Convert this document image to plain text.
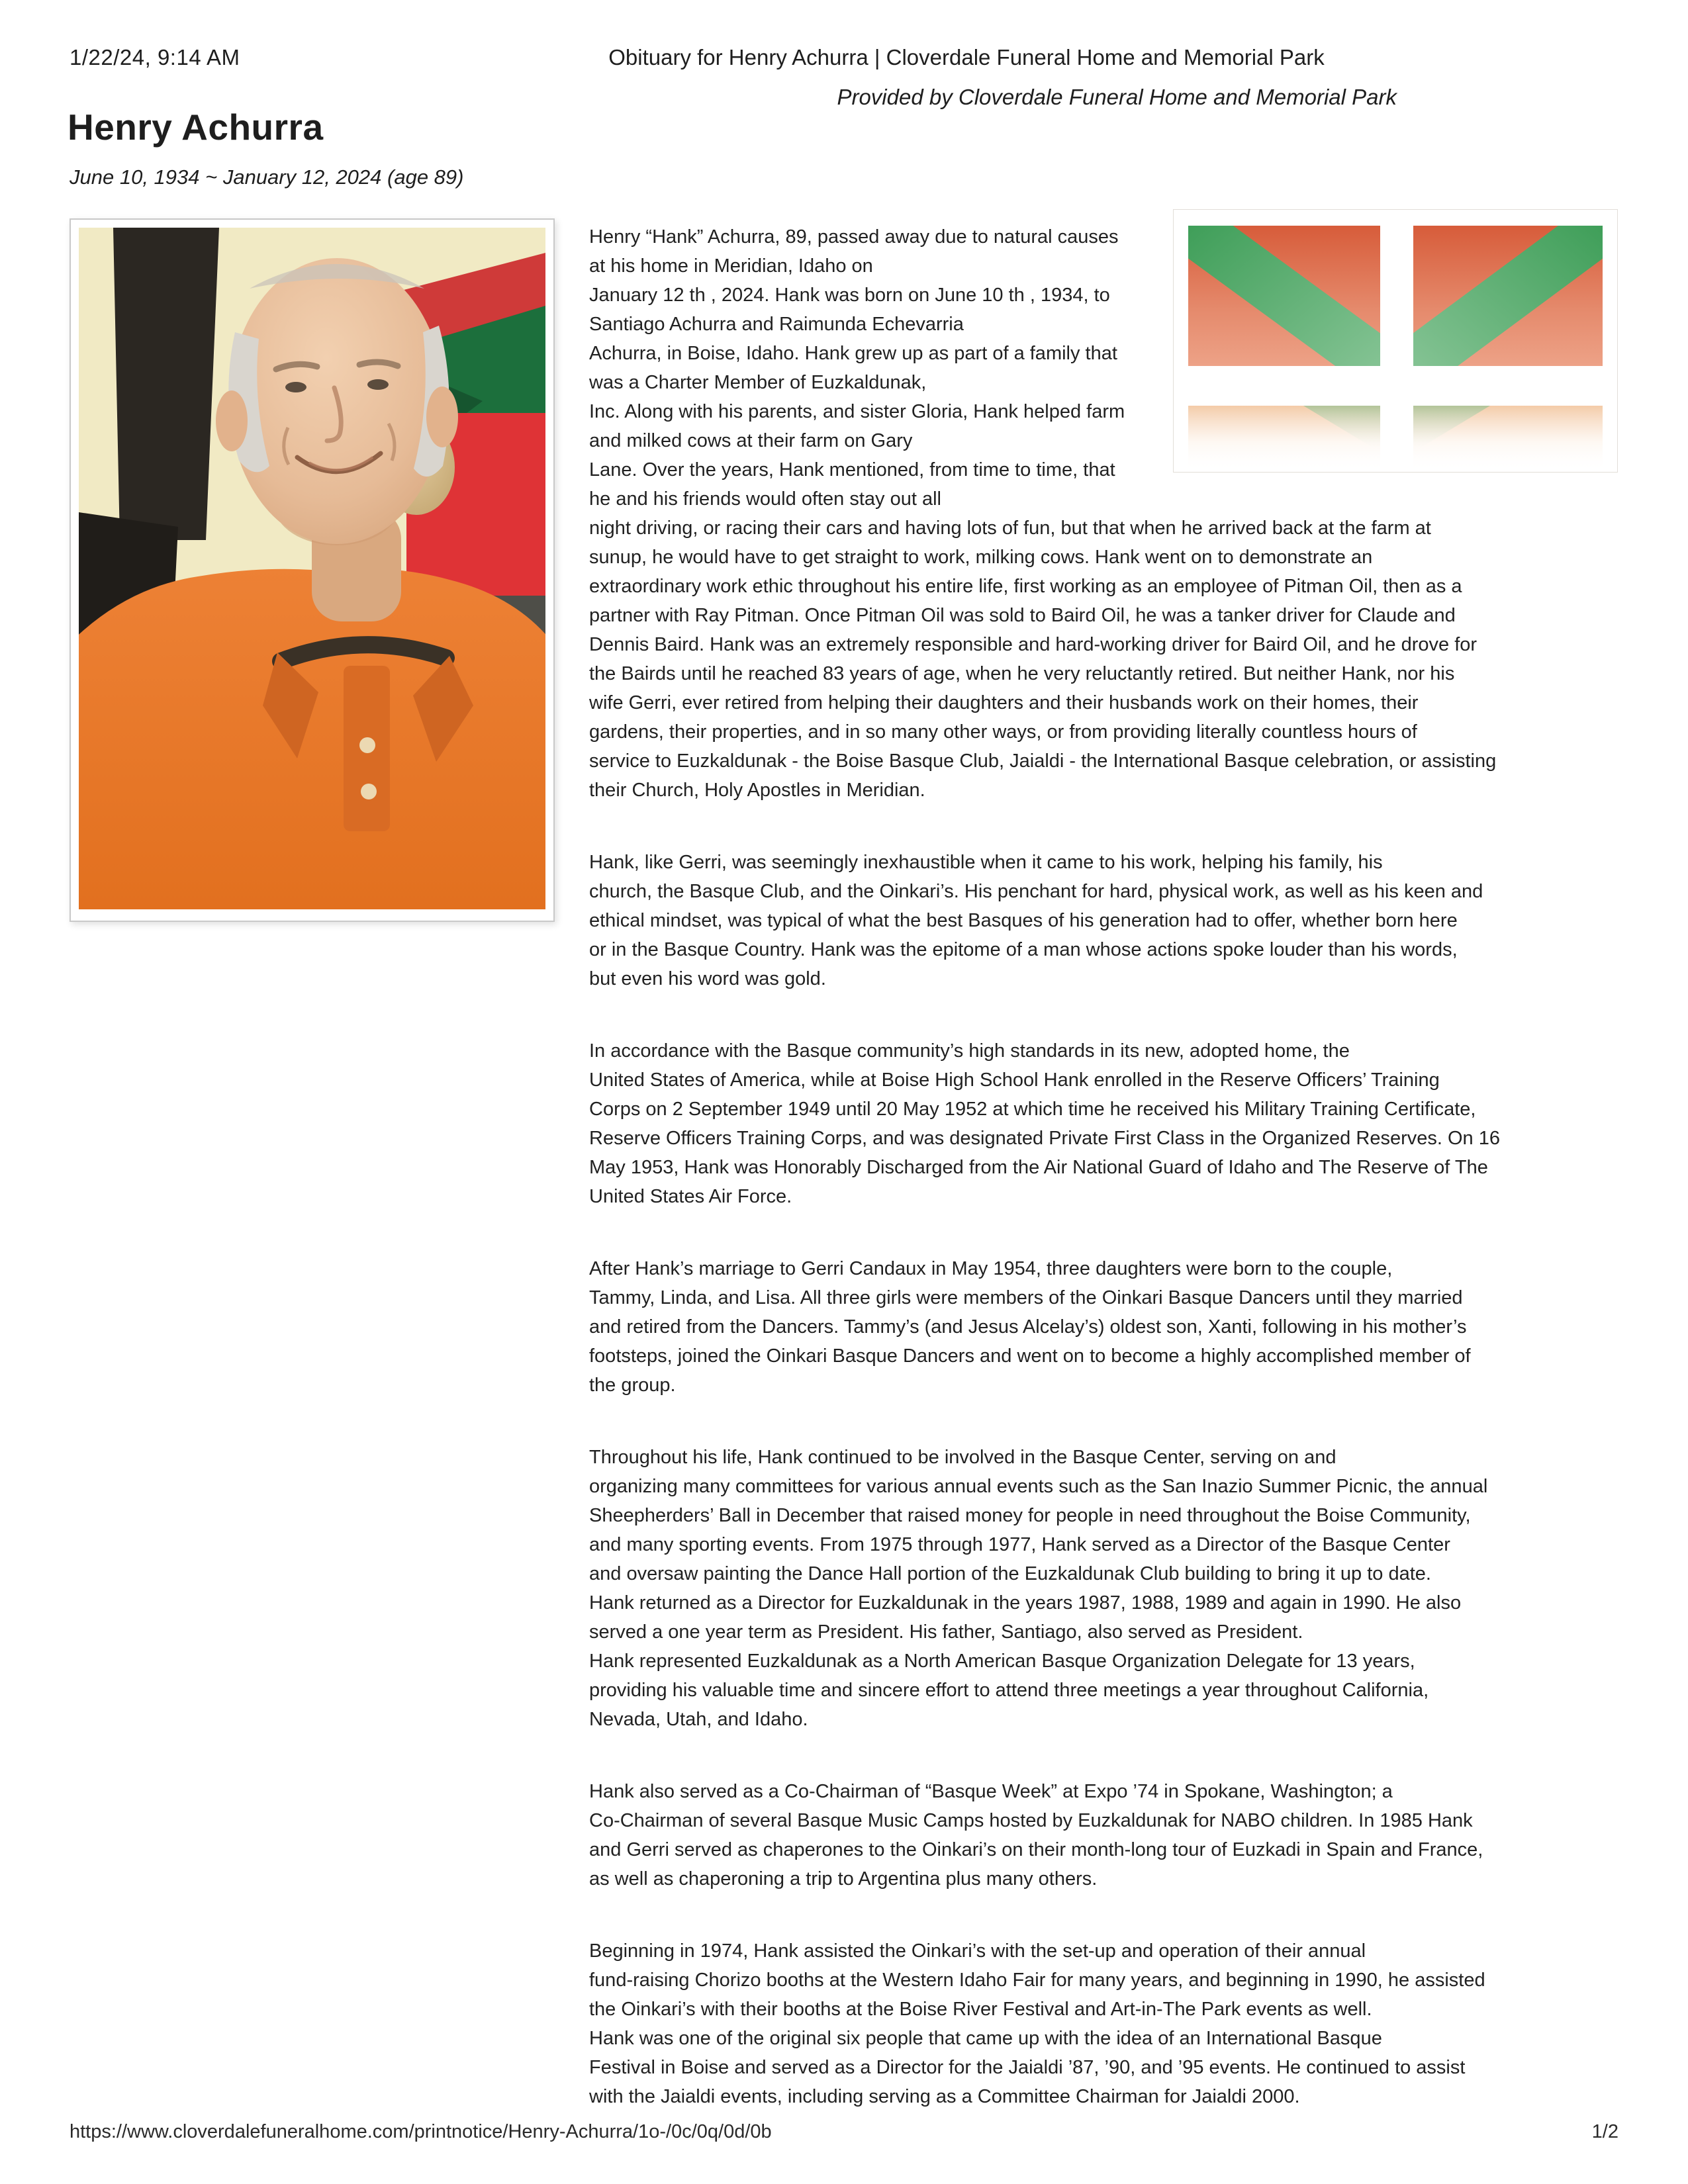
1/22/24, 9:14 AM	Obituary for Henry Achurra | Cloverdale Funeral Home and Memorial Park
Provided by Cloverdale Funeral Home and Memorial Park
Henry Achurra
June 10, 1934 ~ January 12, 2024 (age 89)
Henry “Hank” Achurra, 89, passed away due to natural causes
at his home in Meridian, Idaho on
January 12 th , 2024. Hank was born on June 10 th , 1934, to
Santiago Achurra and Raimunda Echevarria
Achurra, in Boise, Idaho. Hank grew up as part of a family that
was a Charter Member of Euzkaldunak,
Inc. Along with his parents, and sister Gloria, Hank helped farm
and milked cows at their farm on Gary
Lane. Over the years, Hank mentioned, from time to time, that
he and his friends would often stay out all
night driving, or racing their cars and having lots of fun, but that when he arrived back at the farm at
sunup, he would have to get straight to work, milking cows. Hank went on to demonstrate an
extraordinary work ethic throughout his entire life, first working as an employee of Pitman Oil, then as a
partner with Ray Pitman. Once Pitman Oil was sold to Baird Oil, he was a tanker driver for Claude and
Dennis Baird. Hank was an extremely responsible and hard-working driver for Baird Oil, and he drove for
the Bairds until he reached 83 years of age, when he very reluctantly retired. But neither Hank, nor his
wife Gerri, ever retired from helping their daughters and their husbands work on their homes, their
gardens, their properties, and in so many other ways, or from providing literally countless hours of
service to Euzkaldunak - the Boise Basque Club, Jaialdi - the International Basque celebration, or assisting
their Church, Holy Apostles in Meridian.
Hank, like Gerri, was seemingly inexhaustible when it came to his work, helping his family, his
church, the Basque Club, and the Oinkari’s. His penchant for hard, physical work, as well as his keen and
ethical mindset, was typical of what the best Basques of his generation had to offer, whether born here
or in the Basque Country. Hank was the epitome of a man whose actions spoke louder than his words,
but even his word was gold.
In accordance with the Basque community’s high standards in its new, adopted home, the
United States of America, while at Boise High School Hank enrolled in the Reserve Officers’ Training
Corps on 2 September 1949 until 20 May 1952 at which time he received his Military Training Certificate,
Reserve Officers Training Corps, and was designated Private First Class in the Organized Reserves. On 16
May 1953, Hank was Honorably Discharged from the Air National Guard of Idaho and The Reserve of The
United States Air Force.
After Hank’s marriage to Gerri Candaux in May 1954, three daughters were born to the couple,
Tammy, Linda, and Lisa. All three girls were members of the Oinkari Basque Dancers until they married
and retired from the Dancers. Tammy’s (and Jesus Alcelay’s) oldest son, Xanti, following in his mother’s
footsteps, joined the Oinkari Basque Dancers and went on to become a highly accomplished member of
the group.
Throughout his life, Hank continued to be involved in the Basque Center, serving on and
organizing many committees for various annual events such as the San Inazio Summer Picnic, the annual
Sheepherders’ Ball in December that raised money for people in need throughout the Boise Community,
and many sporting events. From 1975 through 1977, Hank served as a Director of the Basque Center
and oversaw painting the Dance Hall portion of the Euzkaldunak Club building to bring it up to date.
Hank returned as a Director for Euzkaldunak in the years 1987, 1988, 1989 and again in 1990. He also
served a one year term as President. His father, Santiago, also served as President.
Hank represented Euzkaldunak as a North American Basque Organization Delegate for 13 years,
providing his valuable time and sincere effort to attend three meetings a year throughout California,
Nevada, Utah, and Idaho.
Hank also served as a Co-Chairman of “Basque Week” at Expo ’74 in Spokane, Washington; a
Co-Chairman of several Basque Music Camps hosted by Euzkaldunak for NABO children. In 1985 Hank
and Gerri served as chaperones to the Oinkari’s on their month-long tour of Euzkadi in Spain and France,
as well as chaperoning a trip to Argentina plus many others.
Beginning in 1974, Hank assisted the Oinkari’s with the set-up and operation of their annual
fund-raising Chorizo booths at the Western Idaho Fair for many years, and beginning in 1990, he assisted
the Oinkari’s with their booths at the Boise River Festival and Art-in-The Park events as well.
Hank was one of the original six people that came up with the idea of an International Basque
Festival in Boise and served as a Director for the Jaialdi ’87, ’90, and ’95 events. He continued to assist
with the Jaialdi events, including serving as a Committee Chairman for Jaialdi 2000.
https://www.cloverdalefuneralhome.com/printnotice/Henry-Achurra/1o-/0c/0q/0d/0b	1/2
